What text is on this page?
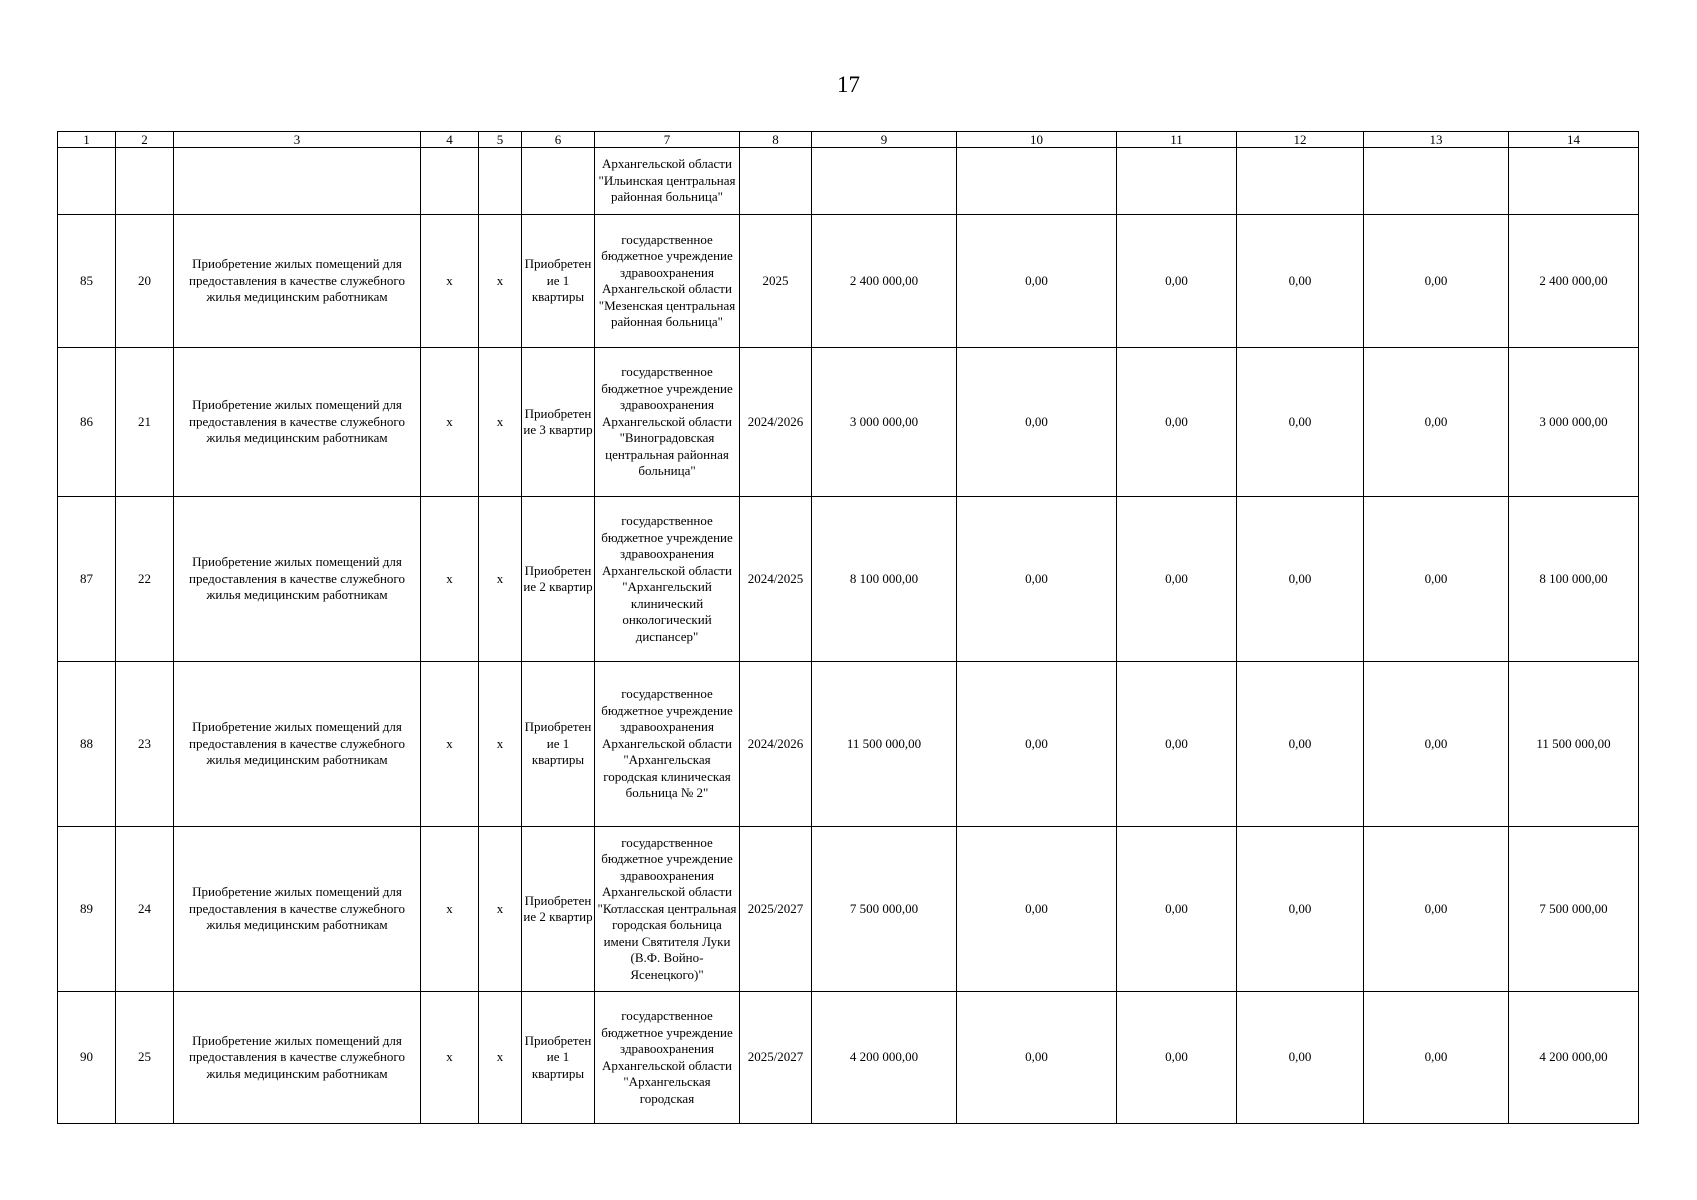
17
1	2	3	4	5	6	7	8	9	10	11	12	13	14
						Архангельской области "Ильинская центральная районная больница"							
85	20	Приобретение жилых помещений для предоставления в качестве служебного жилья медицинским работникам	x	x	Приобретение 1 квартиры	государственное бюджетное учреждение здравоохранения Архангельской области "Мезенская центральная районная больница"	2025	2 400 000,00	0,00	0,00	0,00	0,00	2 400 000,00
86	21	Приобретение жилых помещений для предоставления в качестве служебного жилья медицинским работникам	x	x	Приобретение 3 квартир	государственное бюджетное учреждение здравоохранения Архангельской области "Виноградовская центральная районная больница"	2024/2026	3 000 000,00	0,00	0,00	0,00	0,00	3 000 000,00
87	22	Приобретение жилых помещений для предоставления в качестве служебного жилья медицинским работникам	x	x	Приобретение 2 квартир	государственное бюджетное учреждение здравоохранения Архангельской области "Архангельский клинический онкологический диспансер"	2024/2025	8 100 000,00	0,00	0,00	0,00	0,00	8 100 000,00
88	23	Приобретение жилых помещений для предоставления в качестве служебного жилья медицинским работникам	x	x	Приобретение 1 квартиры	государственное бюджетное учреждение здравоохранения Архангельской области "Архангельская городская клиническая больница № 2"	2024/2026	11 500 000,00	0,00	0,00	0,00	0,00	11 500 000,00
89	24	Приобретение жилых помещений для предоставления в качестве служебного жилья медицинским работникам	x	x	Приобретение 2 квартир	государственное бюджетное учреждение здравоохранения Архангельской области "Котласская центральная городская больница имени Святителя Луки (В.Ф. Войно-Ясенецкого)"	2025/2027	7 500 000,00	0,00	0,00	0,00	0,00	7 500 000,00
90	25	Приобретение жилых помещений для предоставления в качестве служебного жилья медицинским работникам	x	x	Приобретение 1 квартиры	государственное бюджетное учреждение здравоохранения Архангельской области "Архангельская городская	2025/2027	4 200 000,00	0,00	0,00	0,00	0,00	4 200 000,00
